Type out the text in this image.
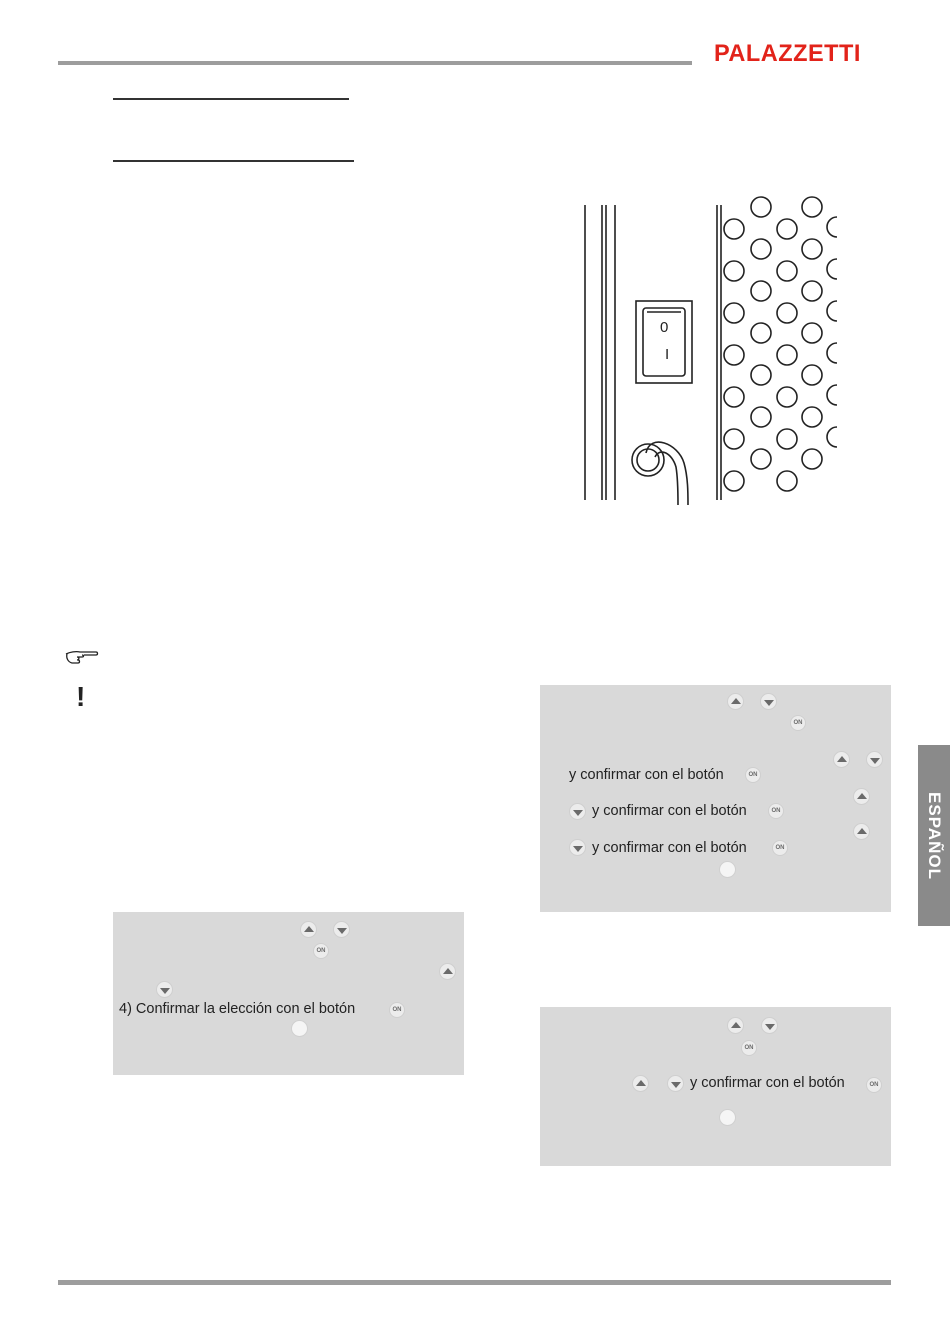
PALAZZETTI
0
I
!
ON
4) Confirmar la elección con el botón	ON
ON
y confirmar con el botón	ON
y confirmar con el botón	ON
y confirmar con el botón	ON
ON
y confirmar con el botón	ON
ESPAÑOL
